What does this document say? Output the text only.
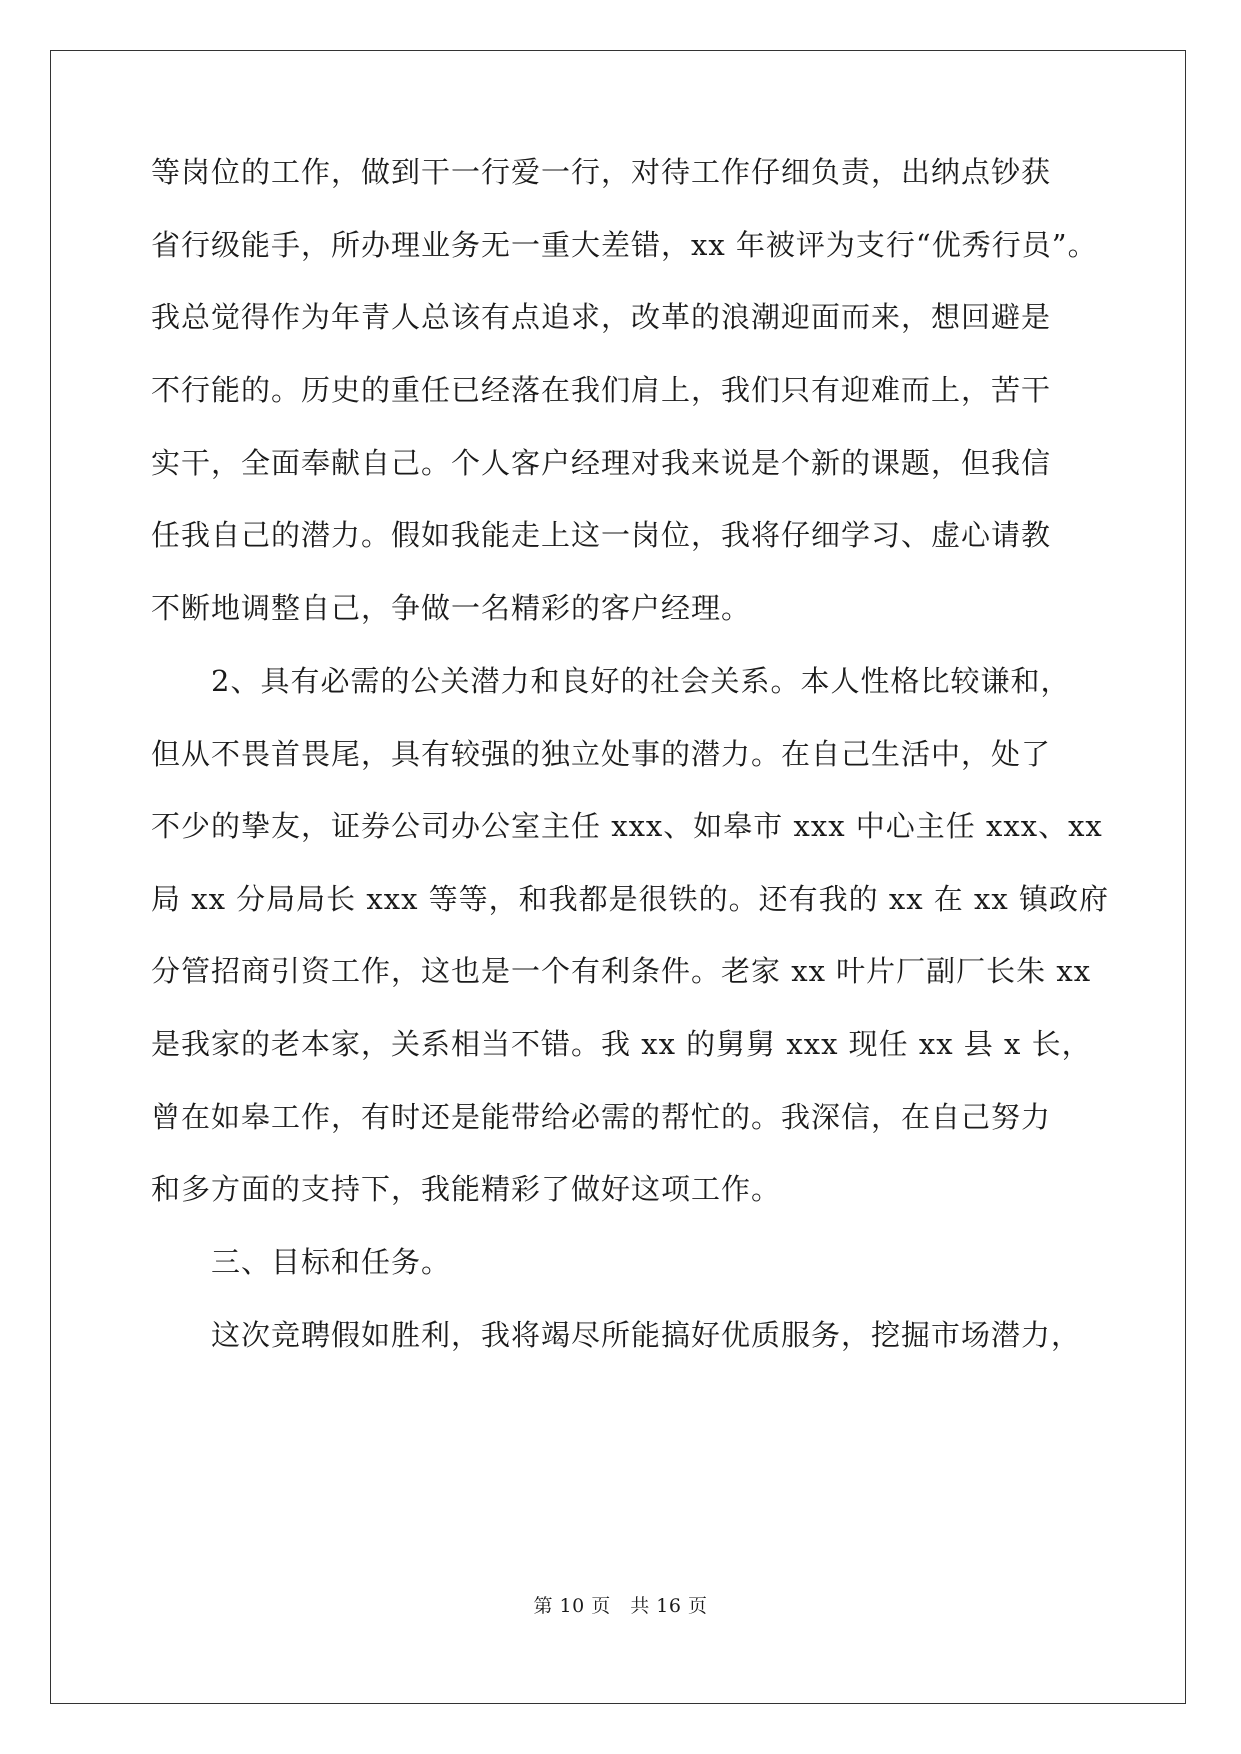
等岗位的工作，做到干一行爱一行，对待工作仔细负责，出纳点钞获
省行级能手，所办理业务无一重大差错，xx 年被评为支行“优秀行员”。
我总觉得作为年青人总该有点追求，改革的浪潮迎面而来，想回避是
不行能的。历史的重任已经落在我们肩上，我们只有迎难而上，苦干
实干，全面奉献自己。个人客户经理对我来说是个新的课题，但我信
任我自己的潜力。假如我能走上这一岗位，我将仔细学习、虚心请教
不断地调整自己，争做一名精彩的客户经理。
2、具有必需的公关潜力和良好的社会关系。本人性格比较谦和，
但从不畏首畏尾，具有较强的独立处事的潜力。在自己生活中，处了
不少的挚友，证券公司办公室主任 xxx、如皋市 xxx 中心主任 xxx、xx
局 xx 分局局长 xxx 等等，和我都是很铁的。还有我的 xx 在 xx 镇政府
分管招商引资工作，这也是一个有利条件。老家 xx 叶片厂副厂长朱 xx
是我家的老本家，关系相当不错。我 xx 的舅舅 xxx 现任 xx 县 x 长，
曾在如皋工作，有时还是能带给必需的帮忙的。我深信，在自己努力
和多方面的支持下，我能精彩了做好这项工作。
三、目标和任务。
这次竞聘假如胜利，我将竭尽所能搞好优质服务，挖掘市场潜力，
第 10 页　共 16 页
